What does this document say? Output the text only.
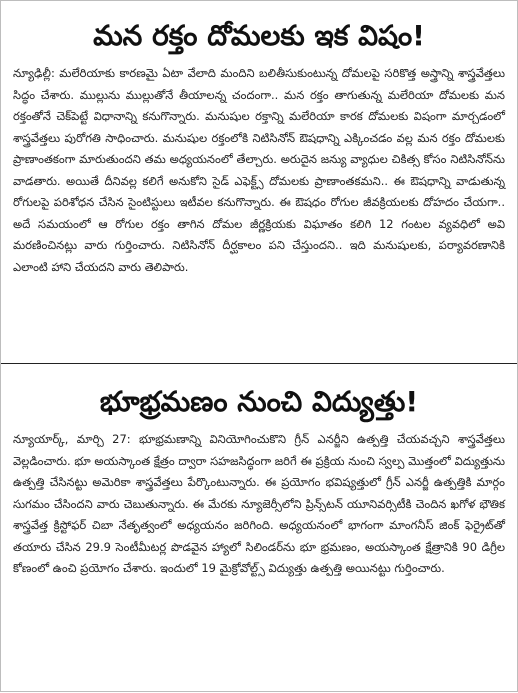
మన రక్తం దోమలకు ఇక విషం!

న్యూఢిల్లీ: మలేరియాకు కారణమై ఏటా వేలాది మందిని బలితీసుకుంటున్న దోమలపై సరికొత్త అస్త్రాన్ని శాస్త్రవేత్తలు సిద్ధం చేశారు. ముల్లును ముల్లుతోనే తీయాలన్న చందంగా.. మన రక్తం తాగుతున్న మలేరియా దోమలకు మన రక్తంతోనే చెక్‌పెట్టే విధానాన్ని కనుగొన్నారు. మనుషుల రక్తాన్ని మలేరియా కారక దోమలకు విషంగా మార్చడంలో శాస్త్రవేత్తలు పురోగతి సాధించారు. మనుషుల రక్తంలోకి నిటిసినోన్ ఔషధాన్ని ఎక్కించడం వల్ల మన రక్తం దోమలకు ప్రాణాంతకంగా మారుతుందని తమ అధ్యయనంలో తేల్చారు. అరుదైన జన్యు వ్యాధుల చికిత్స కోసం నిటిసినోన్‌ను వాడతారు. అయితే దీనివల్ల కలిగే అనుకోని సైడ్ ఎఫెక్ట్స్ దోమలకు ప్రాణాంతకమని.. ఈ ఔషధాన్ని వాడుతున్న రోగులపై పరిశోధన చేసిన సైంటిస్టులు ఇటీవల కనుగొన్నారు. ఈ ఔషధం రోగుల జీవక్రియలకు దోహదం చేయగా.. అదే సమయంలో ఆ రోగుల రక్తం తాగిన దోమల జీర్ణక్రియకు విఘాతం కలిగి 12 గంటల వ్యవధిలో అవి మరణించినట్లు వారు గుర్తించారు. నిటిసినోన్ దీర్ఘకాలం పని చేస్తుందని.. ఇది మనుషులకు, పర్యావరణానికి ఎలాంటి హాని చేయదని వారు తెలిపారు.

భూభ్రమణం నుంచి విద్యుత్తు!

న్యూయార్క్, మార్చి 27: భూభ్రమణాన్ని వినియోగించుకొని గ్రీన్ ఎనర్జీని ఉత్పత్తి చేయవచ్చని శాస్త్రవేత్తలు వెల్లడించారు. భూ అయస్కాంత క్షేత్రం ద్వారా సహజసిద్ధంగా జరిగే ఈ ప్రక్రియ నుంచి స్వల్ప మొత్తంలో విద్యుత్తును ఉత్పత్తి చేసినట్టు అమెరికా శాస్త్రవేత్తలు పేర్కొంటున్నారు. ఈ ప్రయోగం భవిష్యత్తులో గ్రీన్ ఎనర్జీ ఉత్పత్తికి మార్గం సుగమం చేసిందని వారు చెబుతున్నారు. ఈ మేరకు న్యూజెర్సీలోని ప్రిన్స్‌టన్ యూనివర్సిటీకి చెందిన ఖగోళ భౌతిక శాస్త్రవేత్త క్రిస్టోఫర్ చిబా నేతృత్వంలో అధ్యయనం జరిగింది. అధ్యయనంలో భాగంగా మాంగనీస్ జింక్ ఫెర్రైట్‌తో తయారు చేసిన 29.9 సెంటీమీటర్ల పొడవైన హ్యాలో సిలిండర్‌ను భూ భ్రమణం, అయస్కాంత క్షేత్రానికి 90 డిగ్రీల కోణంలో ఉంచి ప్రయోగం చేశారు. ఇందులో 19 మైక్రోవోల్ట్స్ విద్యుత్తు ఉత్పత్తి అయినట్టు గుర్తించారు.
